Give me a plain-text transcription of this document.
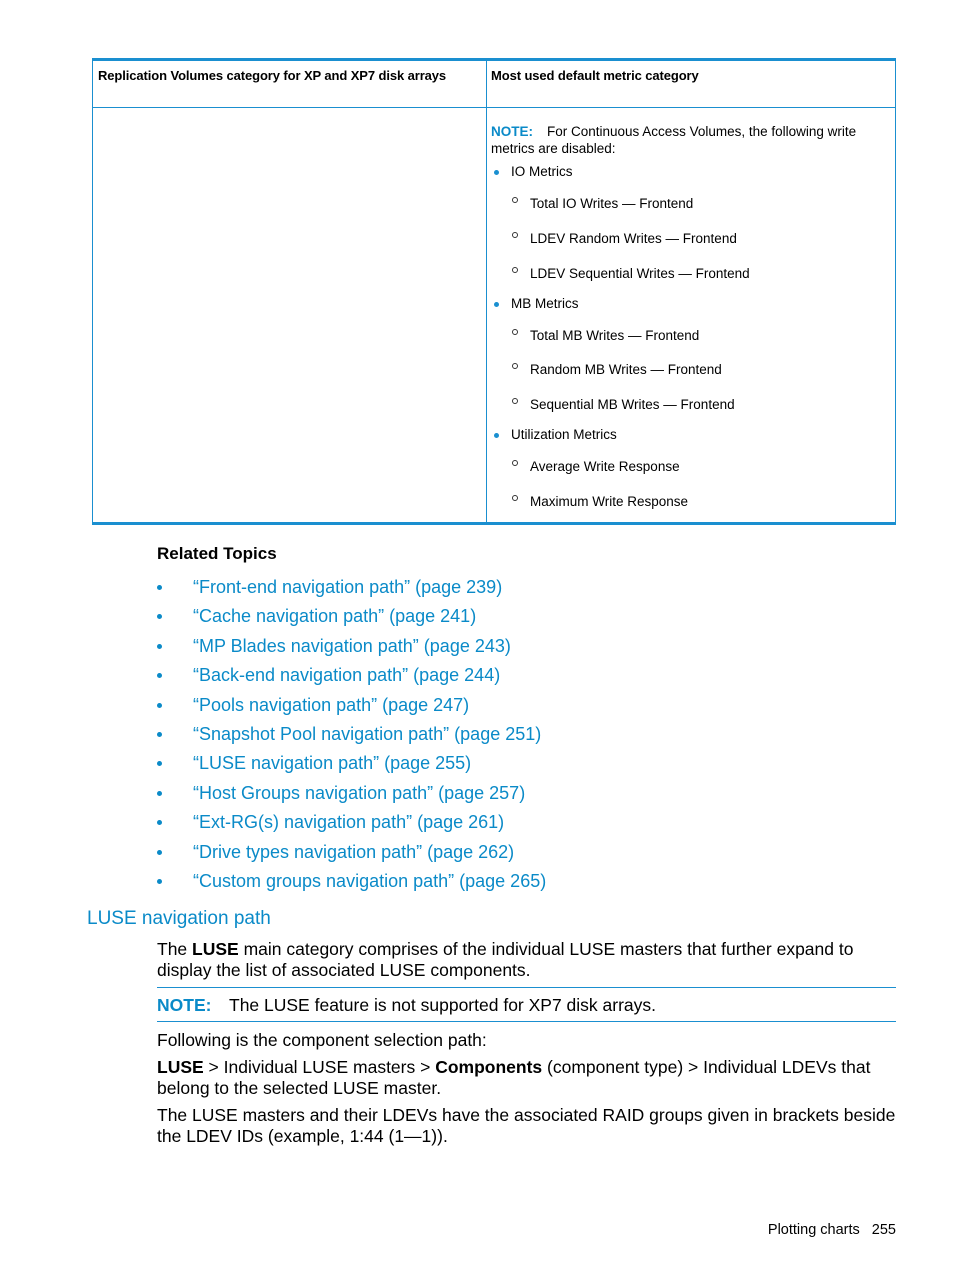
Replication Volumes category for XP and XP7 disk arrays	Most used default metric category
NOTE: For Continuous Access Volumes, the following write metrics are disabled:
IO Metrics
Total IO Writes — Frontend
LDEV Random Writes — Frontend
LDEV Sequential Writes — Frontend
MB Metrics
Total MB Writes — Frontend
Random MB Writes — Frontend
Sequential MB Writes — Frontend
Utilization Metrics
Average Write Response
Maximum Write Response
Related Topics
“Front-end navigation path” (page 239)
“Cache navigation path” (page 241)
“MP Blades navigation path” (page 243)
“Back-end navigation path” (page 244)
“Pools navigation path” (page 247)
“Snapshot Pool navigation path” (page 251)
“LUSE navigation path” (page 255)
“Host Groups navigation path” (page 257)
“Ext-RG(s) navigation path” (page 261)
“Drive types navigation path” (page 262)
“Custom groups navigation path” (page 265)
LUSE navigation path
The LUSE main category comprises of the individual LUSE masters that further expand to display the list of associated LUSE components.
NOTE: The LUSE feature is not supported for XP7 disk arrays.
Following is the component selection path:
LUSE > Individual LUSE masters > Components (component type) > Individual LDEVs that belong to the selected LUSE master.
The LUSE masters and their LDEVs have the associated RAID groups given in brackets beside the LDEV IDs (example, 1:44 (1—1)).
Plotting charts 255
